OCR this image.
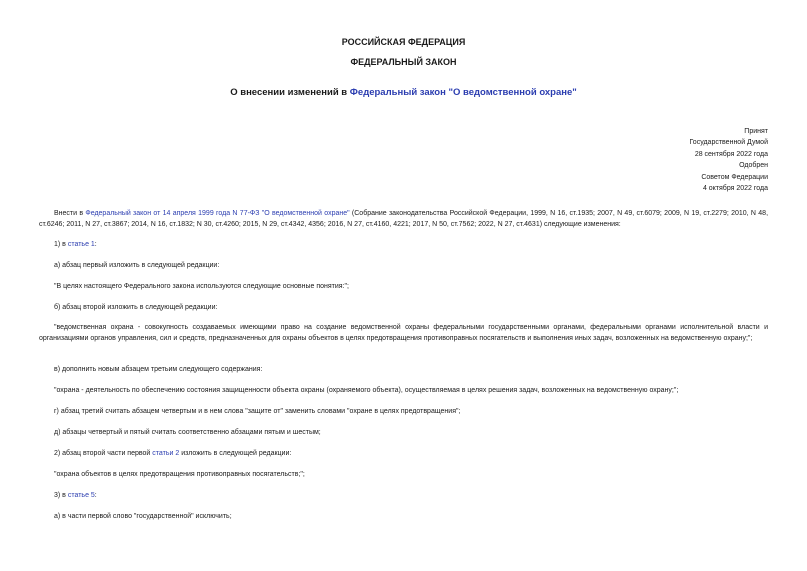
РОССИЙСКАЯ ФЕДЕРАЦИЯ
ФЕДЕРАЛЬНЫЙ ЗАКОН
О внесении изменений в Федеральный закон "О ведомственной охране"
Принят
Государственной Думой
28 сентября 2022 года
Одобрен
Советом Федерации
4 октября 2022 года
Внести в Федеральный закон от 14 апреля 1999 года N 77-ФЗ "О ведомственной охране" (Собрание законодательства Российской Федерации, 1999, N 16, ст.1935; 2007, N 49, ст.6079; 2009, N 19, ст.2279; 2010, N 48, ст.6246; 2011, N 27, ст.3867; 2014, N 16, ст.1832; N 30, ст.4260; 2015, N 29, ст.4342, 4356; 2016, N 27, ст.4160, 4221; 2017, N 50, ст.7562; 2022, N 27, ст.4631) следующие изменения:
1) в статье 1:
а) абзац первый изложить в следующей редакции:
"В целях настоящего Федерального закона используются следующие основные понятия:";
б) абзац второй изложить в следующей редакции:
"ведомственная охрана - совокупность создаваемых имеющими право на создание ведомственной охраны федеральными государственными органами, федеральными органами исполнительной власти и организациями органов управления, сил и средств, предназначенных для охраны объектов в целях предотвращения противоправных посягательств и выполнения иных задач, возложенных на ведомственную охрану;";
в) дополнить новым абзацем третьим следующего содержания:
"охрана - деятельность по обеспечению состояния защищенности объекта охраны (охраняемого объекта), осуществляемая в целях решения задач, возложенных на ведомственную охрану;";
г) абзац третий считать абзацем четвертым и в нем слова "защите от" заменить словами "охране в целях предотвращения";
д) абзацы четвертый и пятый считать соответственно абзацами пятым и шестым;
2) абзац второй части первой статьи 2 изложить в следующей редакции:
"охрана объектов в целях предотвращения противоправных посягательств;";
3) в статье 5:
а) в части первой слово "государственной" исключить;
